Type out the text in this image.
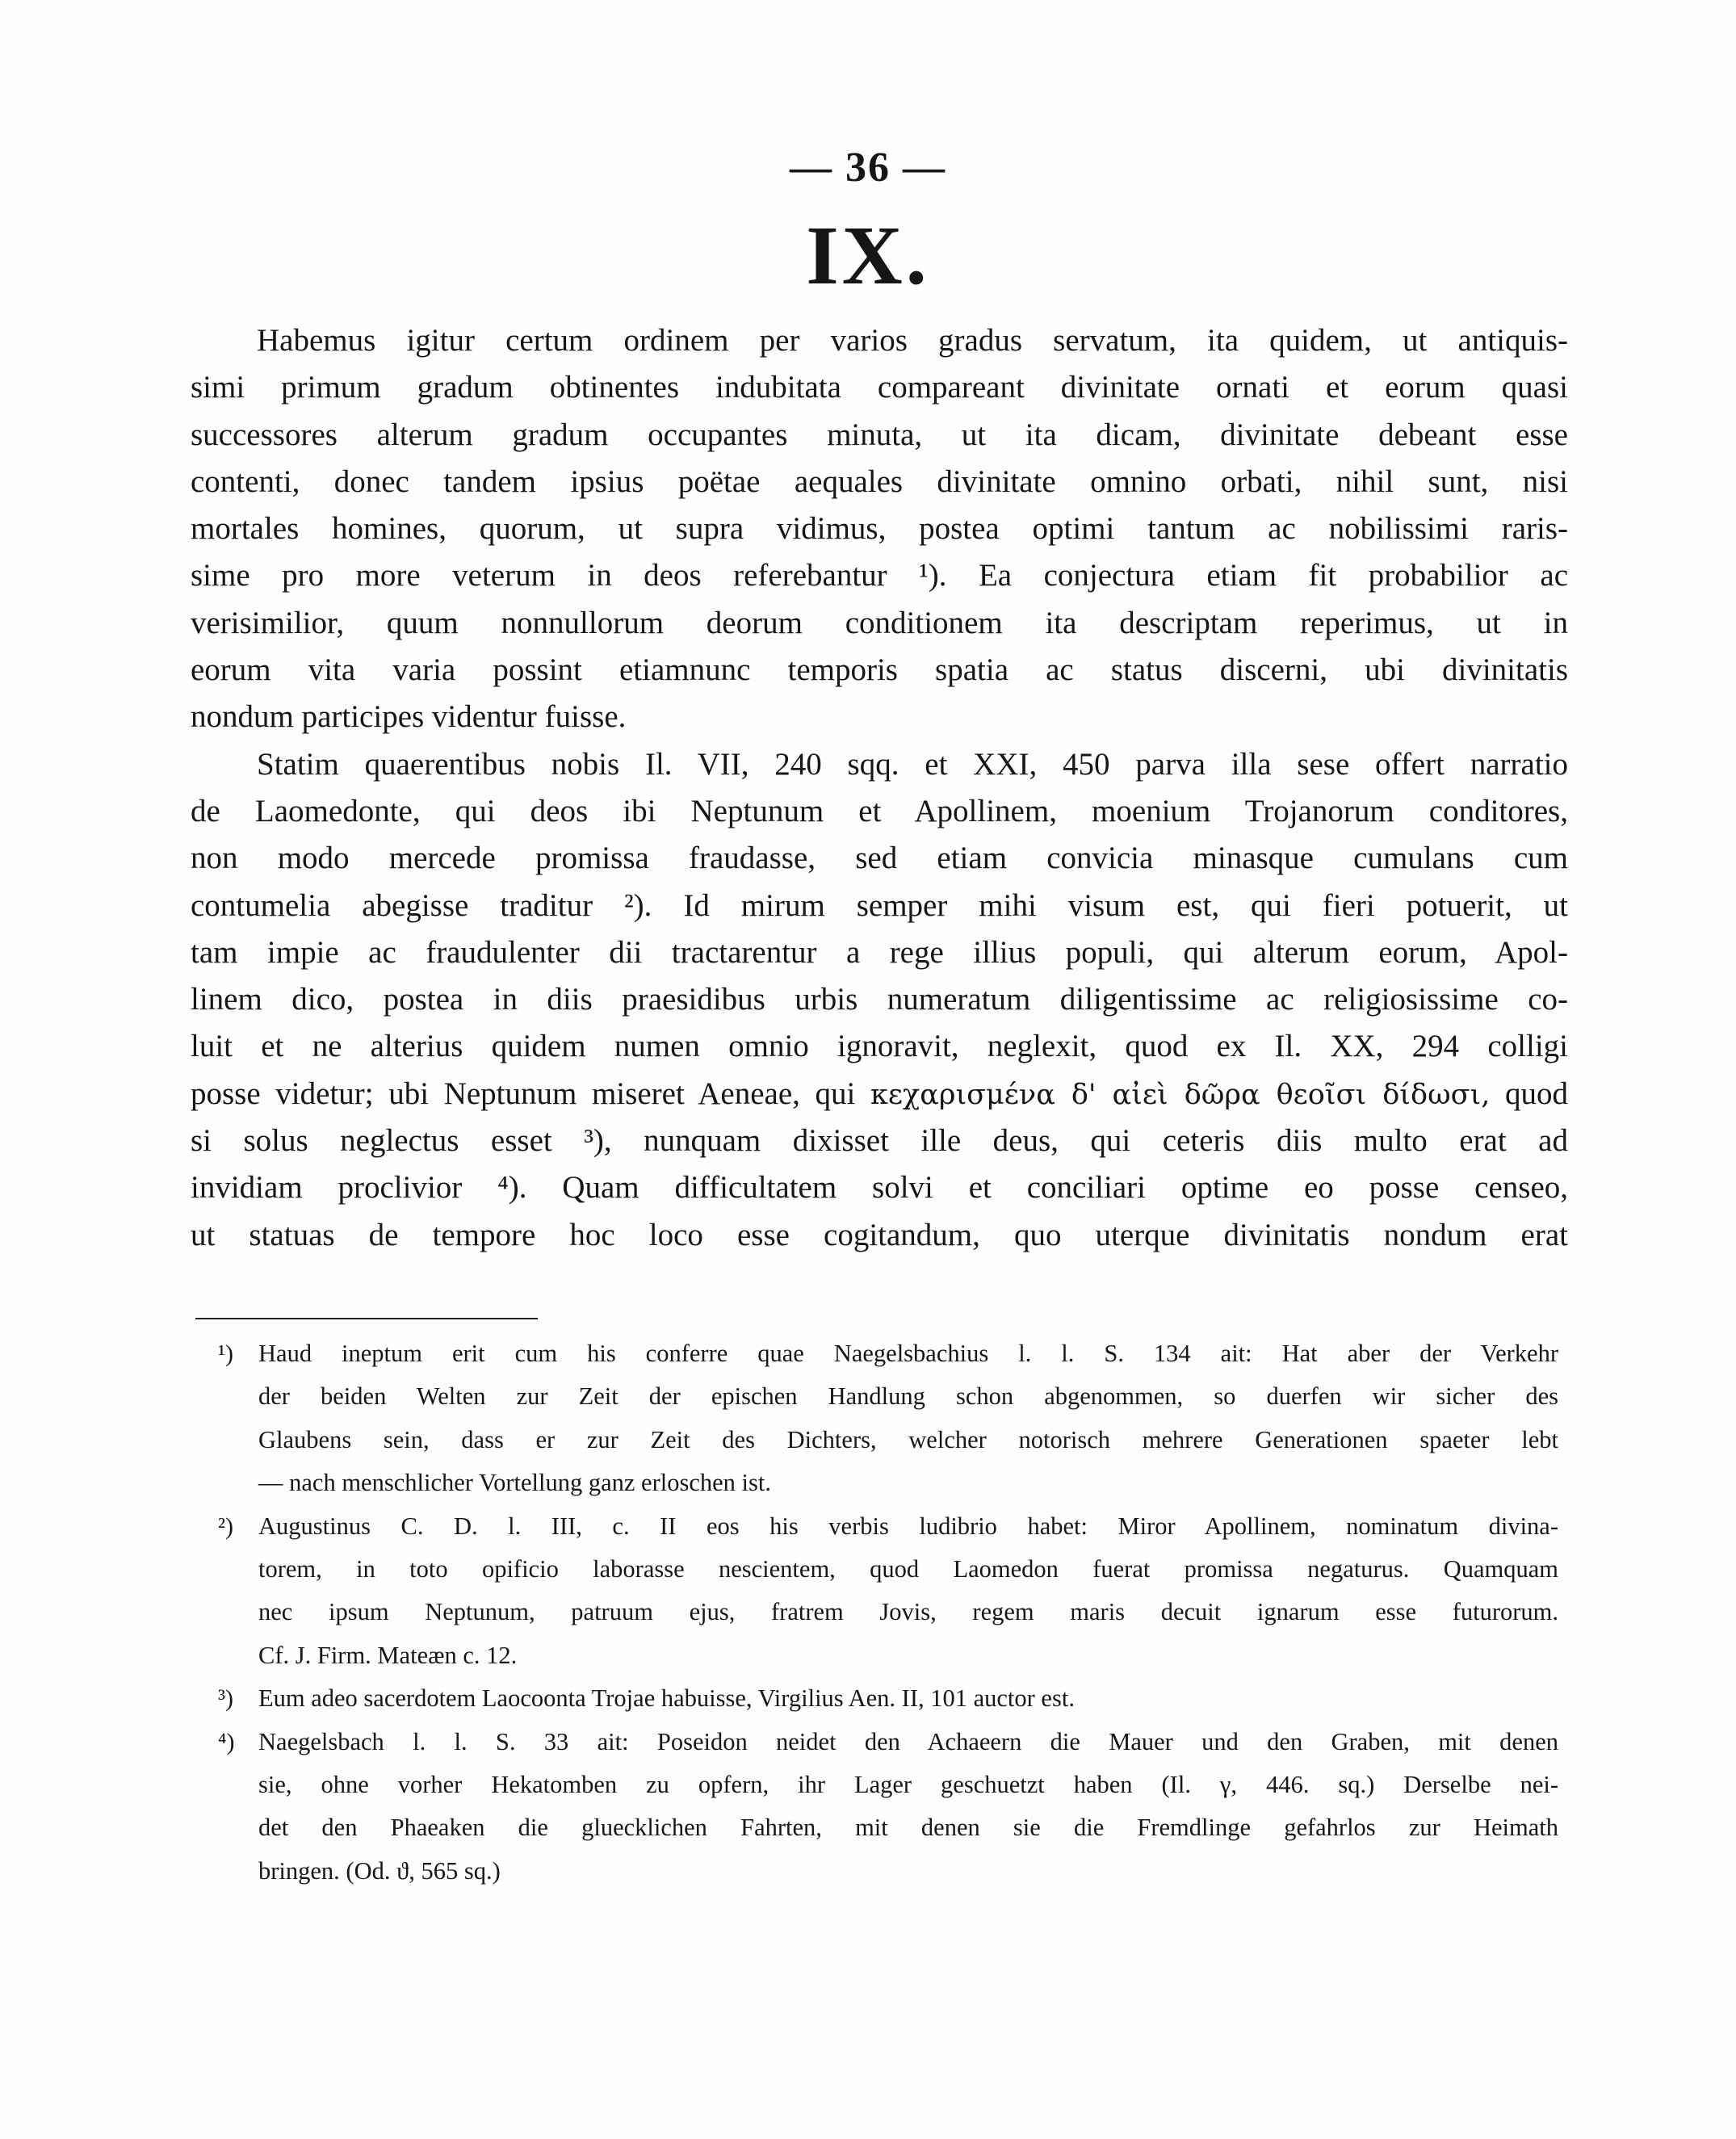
— 36 —
IX.
Habemus igitur certum ordinem per varios gradus servatum, ita quidem, ut antiquis-
simi primum gradum obtinentes indubitata compareant divinitate ornati et eorum quasi
successores alterum gradum occupantes minuta, ut ita dicam, divinitate debeant esse
contenti, donec tandem ipsius poëtae aequales divinitate omnino orbati, nihil sunt, nisi
mortales homines, quorum, ut supra vidimus, postea optimi tantum ac nobilissimi raris-
sime pro more veterum in deos referebantur ¹). Ea conjectura etiam fit probabilior ac
verisimilior, quum nonnullorum deorum conditionem ita descriptam reperimus, ut in
eorum vita varia possint etiamnunc temporis spatia ac status discerni, ubi divinitatis
nondum participes videntur fuisse.
Statim quaerentibus nobis Il. VII, 240 sqq. et XXI, 450 parva illa sese offert narratio
de Laomedonte, qui deos ibi Neptunum et Apollinem, moenium Trojanorum conditores,
non modo mercede promissa fraudasse, sed etiam convicia minasque cumulans cum
contumelia abegisse traditur ²). Id mirum semper mihi visum est, qui fieri potuerit, ut
tam impie ac fraudulenter dii tractarentur a rege illius populi, qui alterum eorum, Apol-
linem dico, postea in diis praesidibus urbis numeratum diligentissime ac religiosissime co-
luit et ne alterius quidem numen omnio ignoravit, neglexit, quod ex Il. XX, 294 colligi
posse videtur; ubi Neptunum miseret Aeneae, qui κεχαρισμένα δ' αἰεὶ δῶρα θεοῖσι δίδωσι, quod
si solus neglectus esset ³), nunquam dixisset ille deus, qui ceteris diis multo erat ad
invidiam proclivior ⁴). Quam difficultatem solvi et conciliari optime eo posse censeo,
ut statuas de tempore hoc loco esse cogitandum, quo uterque divinitatis nondum erat
¹) Haud ineptum erit cum his conferre quae Naegelsbachius l. l. S. 134 ait: Hat aber der Verkehr
der beiden Welten zur Zeit der epischen Handlung schon abgenommen, so duerfen wir sicher des
Glaubens sein, dass er zur Zeit des Dichters, welcher notorisch mehrere Generationen spaeter lebt
— nach menschlicher Vortellung ganz erloschen ist.
²) Augustinus C. D. l. III, c. II eos his verbis ludibrio habet: Miror Apollinem, nominatum divina-
torem, in toto opificio laborasse nescientem, quod Laomedon fuerat promissa negaturus. Quamquam
nec ipsum Neptunum, patruum ejus, fratrem Jovis, regem maris decuit ignarum esse futurorum.
Cf. J. Firm. Mateæn c. 12.
³) Eum adeo sacerdotem Laocoonta Trojae habuisse, Virgilius Aen. II, 101 auctor est.
⁴) Naegelsbach l. l. S. 33 ait: Poseidon neidet den Achaeern die Mauer und den Graben, mit denen
sie, ohne vorher Hekatomben zu opfern, ihr Lager geschuetzt haben (Il. γ, 446. sq.) Derselbe nei-
det den Phaeaken die gluecklichen Fahrten, mit denen sie die Fremdlinge gefahrlos zur Heimath
bringen. (Od. ϑ, 565 sq.)
